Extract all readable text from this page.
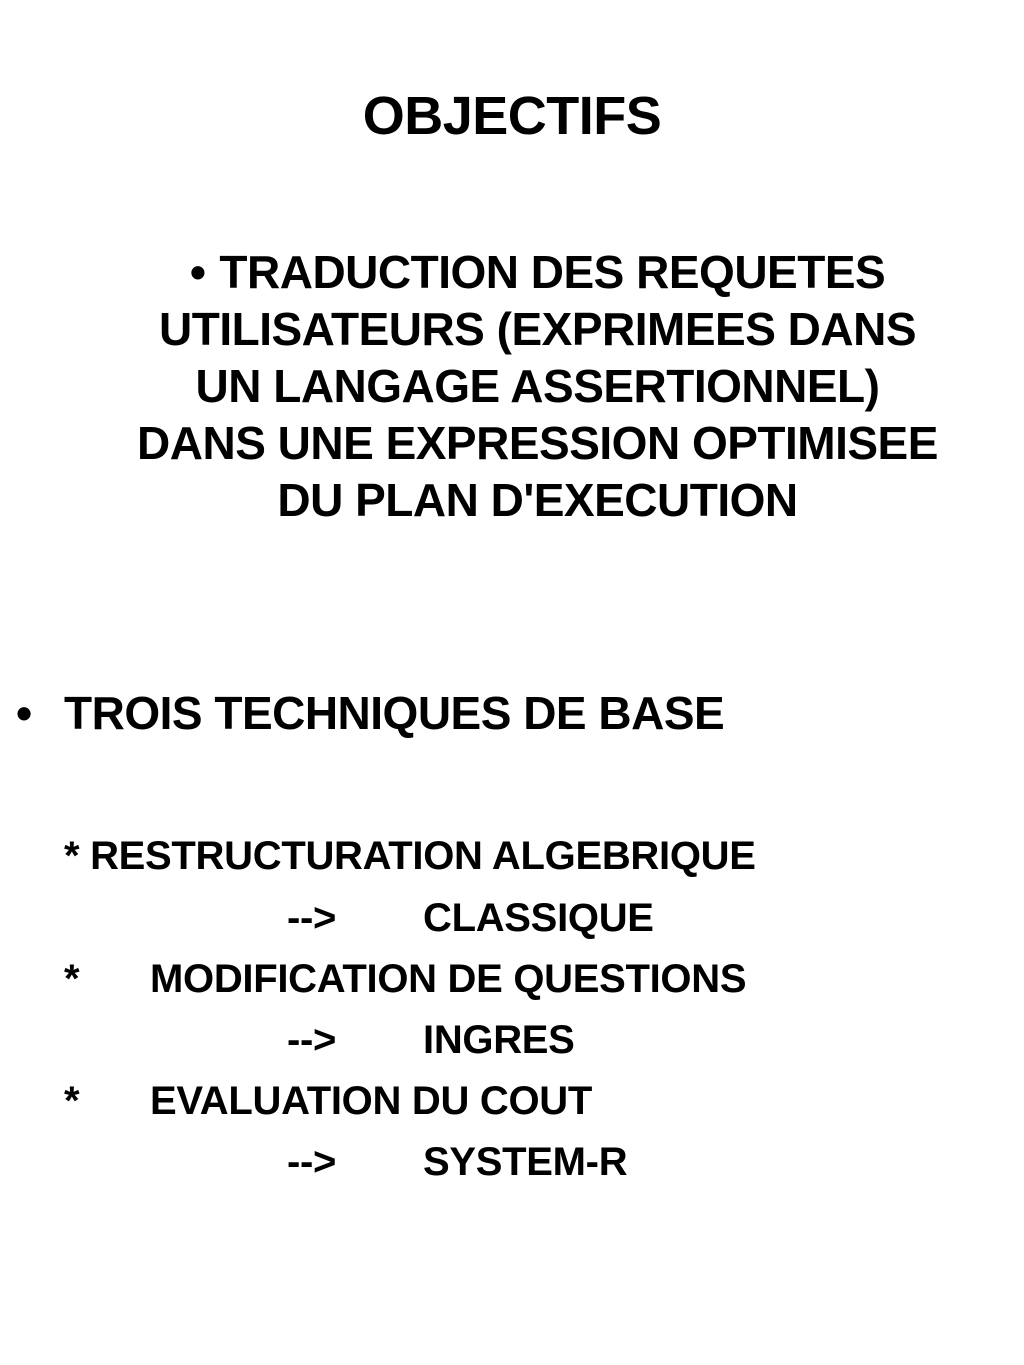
OBJECTIFS
• TRADUCTION DES REQUETES
UTILISATEURS (EXPRIMEES DANS
UN LANGAGE ASSERTIONNEL)
DANS UNE EXPRESSION OPTIMISEE
DU PLAN D'EXECUTION
• TROIS TECHNIQUES DE BASE
* RESTRUCTURATION ALGEBRIQUE
--> CLASSIQUE
* MODIFICATION DE QUESTIONS
--> INGRES
* EVALUATION DU COUT
--> SYSTEM-R
